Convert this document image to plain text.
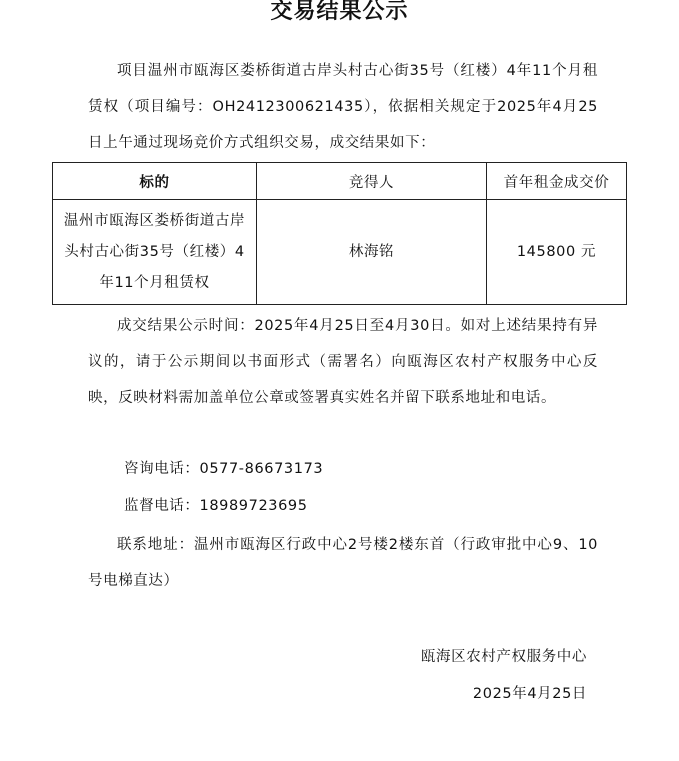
交易结果公示
项目温州市瓯海区娄桥街道古岸头村古心街35号（红楼）4年11个月租赁权（项目编号：OH2412300621435），依据相关规定于2025年4月25日上午通过现场竞价方式组织交易，成交结果如下：
标的	竞得人	首年租金成交价
温州市瓯海区娄桥街道古岸头村古心街35号（红楼）4年11个月租赁权	林海铭	145800 元
成交结果公示时间：2025年4月25日至4月30日。如对上述结果持有异议的，请于公示期间以书面形式（需署名）向瓯海区农村产权服务中心反映，反映材料需加盖单位公章或签署真实姓名并留下联系地址和电话。
咨询电话：0577-86673173
监督电话：18989723695
联系地址：温州市瓯海区行政中心2号楼2楼东首（行政审批中心9、10号电梯直达）
瓯海区农村产权服务中心
2025年4月25日
